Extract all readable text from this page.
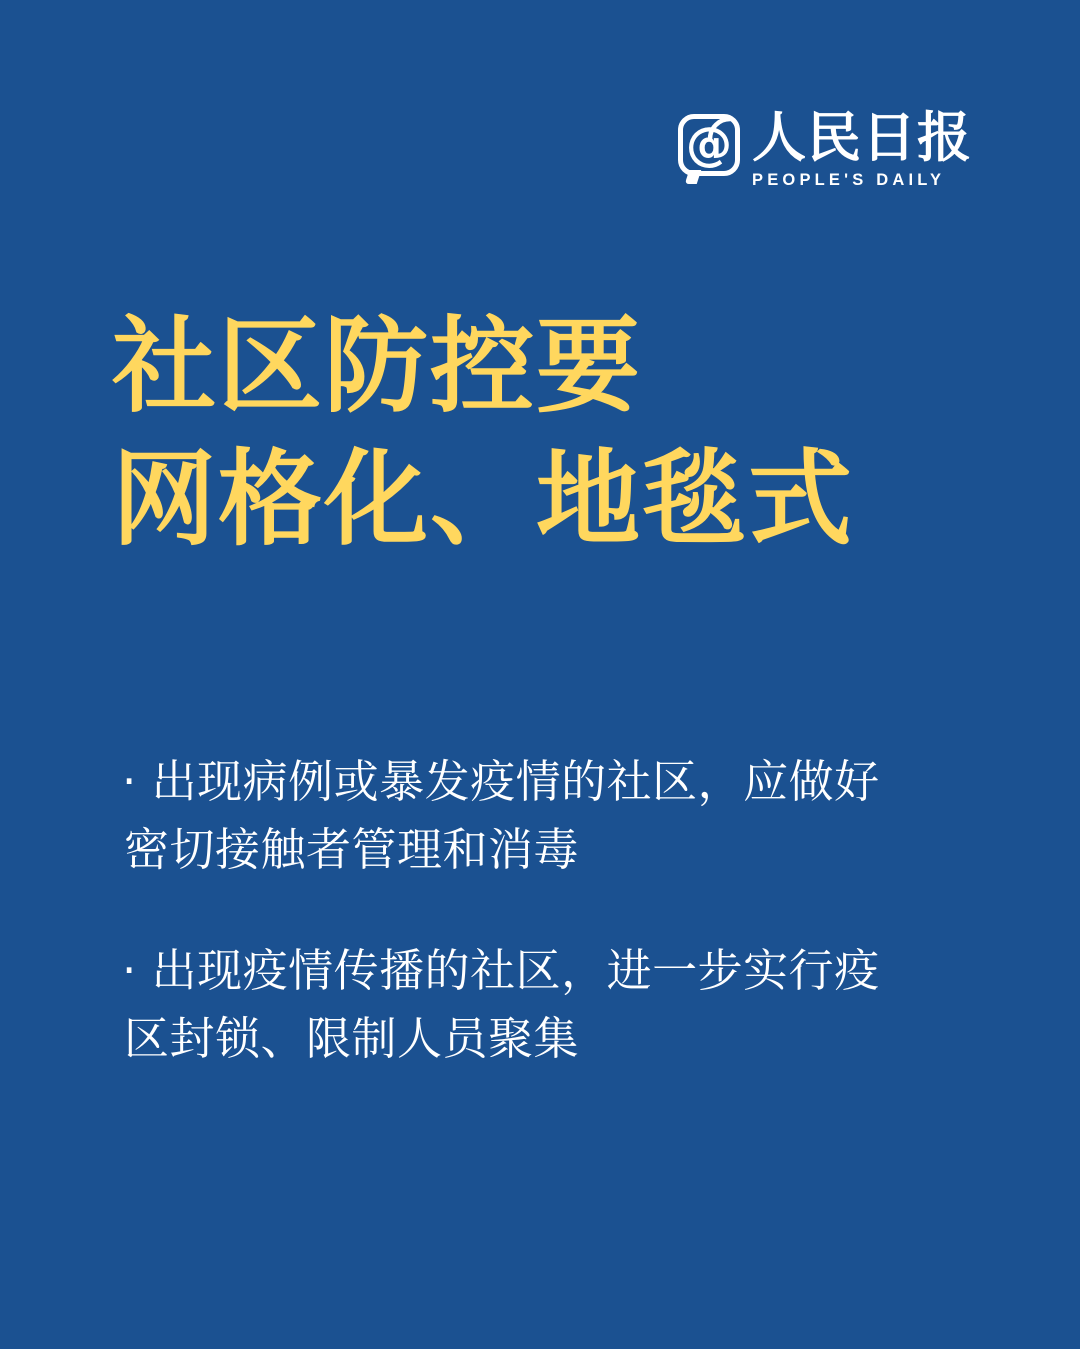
@
人民日报
PEOPLE'S DAILY
社区防控要
网格化、地毯式
· 出现病例或暴发疫情的社区，应做好密切接触者管理和消毒
· 出现疫情传播的社区，进一步实行疫区封锁、限制人员聚集
